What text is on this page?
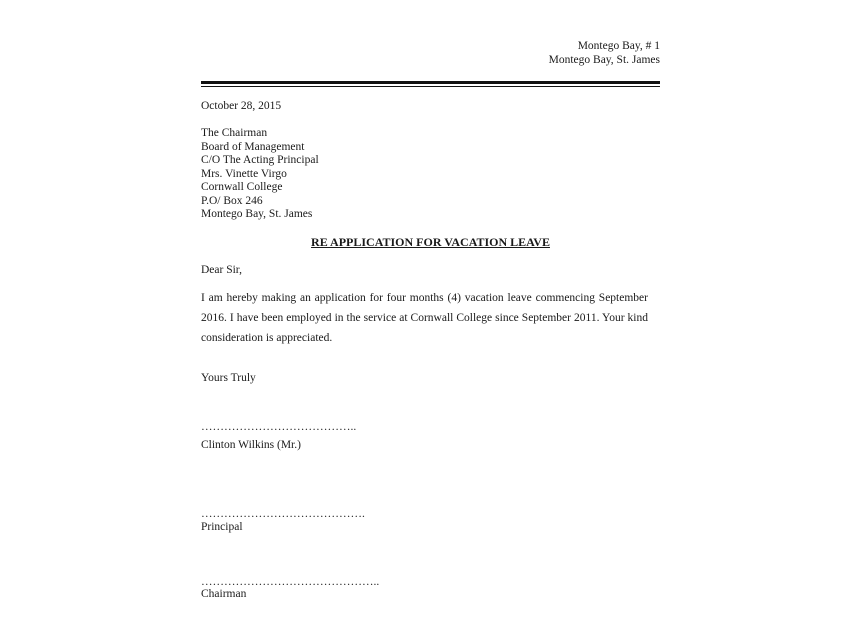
Montego Bay, # 1
Montego Bay, St. James
October 28, 2015
The Chairman
Board of Management
C/O The Acting Principal
Mrs. Vinette Virgo
Cornwall College
P.O/ Box 246
Montego Bay, St. James
RE APPLICATION FOR VACATION LEAVE
Dear Sir,
I am hereby making an application for four months (4) vacation leave commencing September 2016. I have been employed in the service at Cornwall College since September 2011. Your kind consideration is appreciated.
Yours Truly
…………………………………..
Clinton Wilkins (Mr.)
…………………………………….
Principal
………………………………………..
Chairman
